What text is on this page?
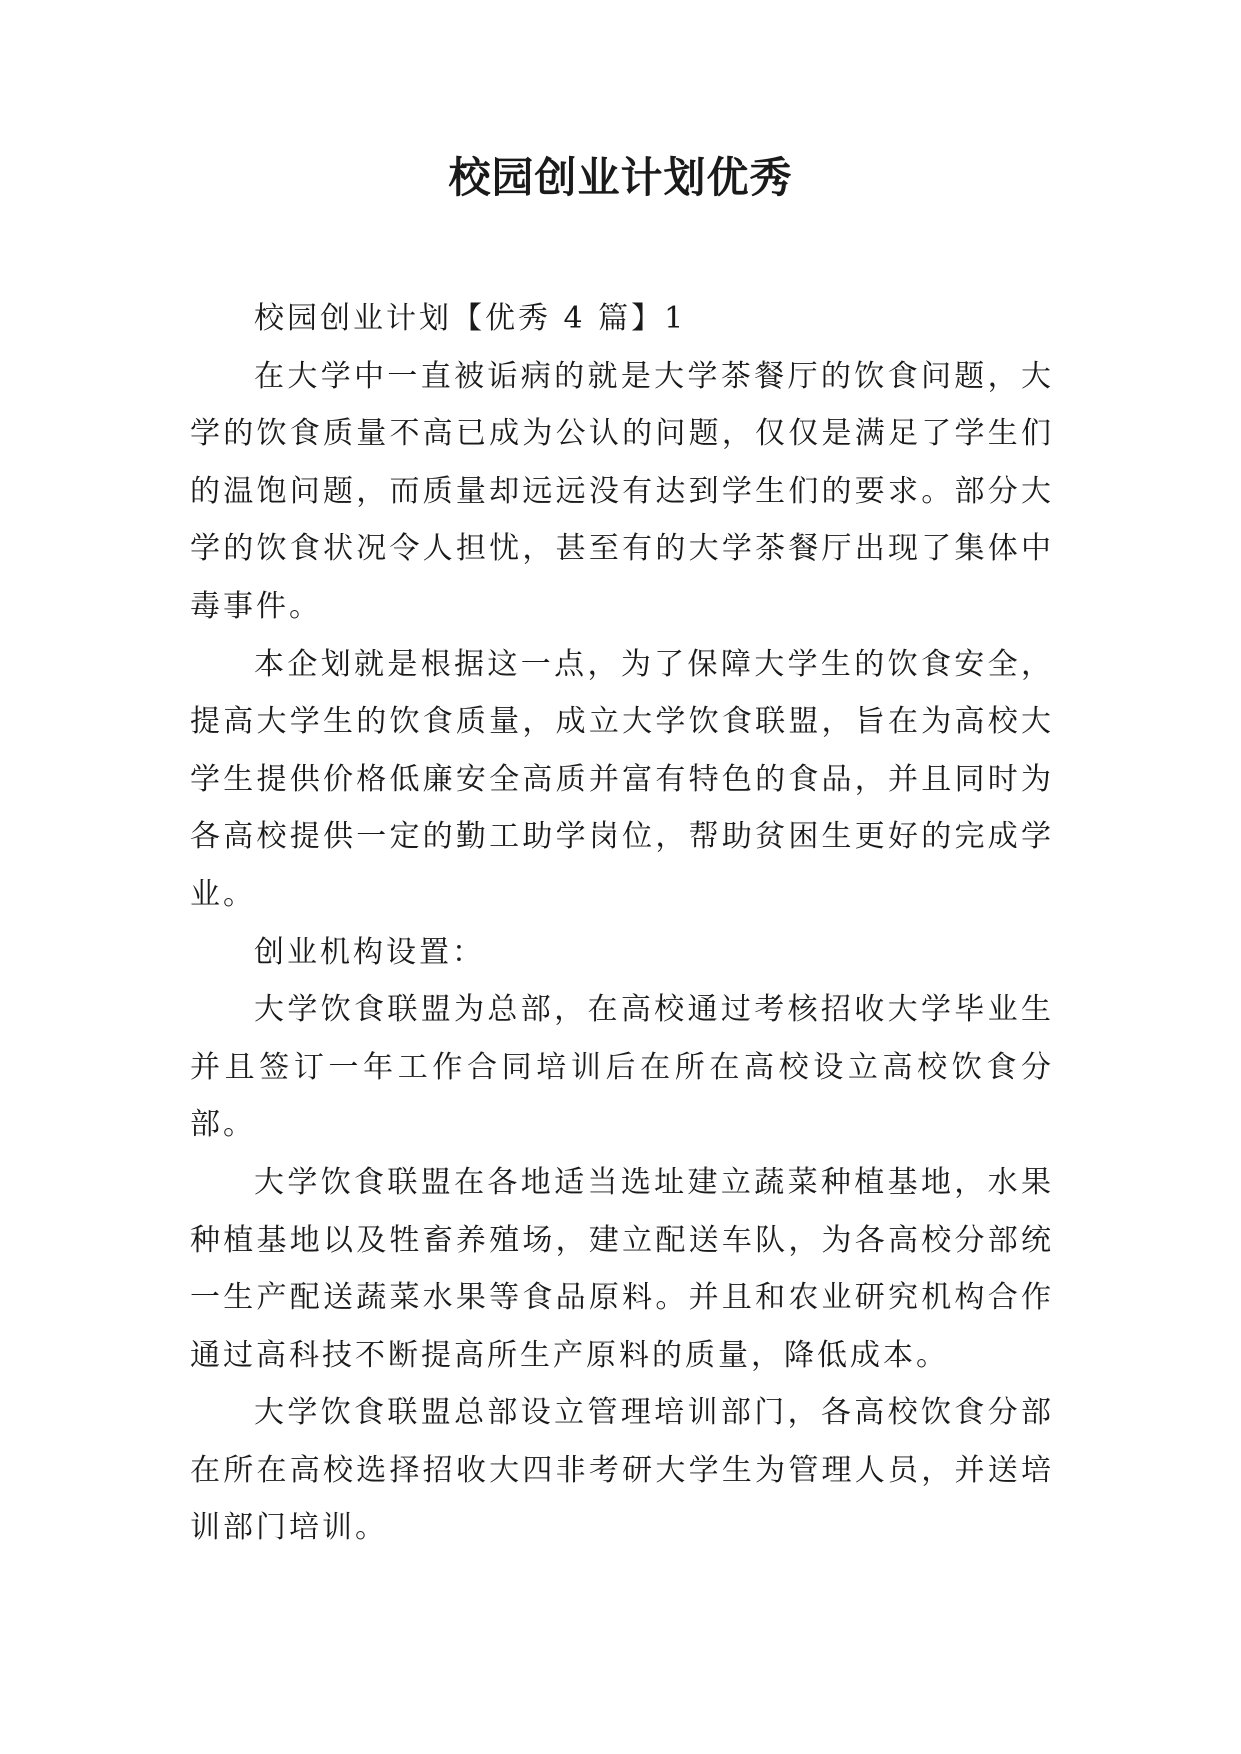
校园创业计划优秀

校园创业计划【优秀 4 篇】1

在大学中一直被诟病的就是大学茶餐厅的饮食问题，大学的饮食质量不高已成为公认的问题，仅仅是满足了学生们的温饱问题，而质量却远远没有达到学生们的要求。部分大学的饮食状况令人担忧，甚至有的大学茶餐厅出现了集体中毒事件。

本企划就是根据这一点，为了保障大学生的饮食安全，提高大学生的饮食质量，成立大学饮食联盟，旨在为高校大学生提供价格低廉安全高质并富有特色的食品，并且同时为各高校提供一定的勤工助学岗位，帮助贫困生更好的完成学业。

创业机构设置：

大学饮食联盟为总部，在高校通过考核招收大学毕业生并且签订一年工作合同培训后在所在高校设立高校饮食分部。

大学饮食联盟在各地适当选址建立蔬菜种植基地，水果种植基地以及牲畜养殖场，建立配送车队，为各高校分部统一生产配送蔬菜水果等食品原料。并且和农业研究机构合作通过高科技不断提高所生产原料的质量，降低成本。

大学饮食联盟总部设立管理培训部门，各高校饮食分部在所在高校选择招收大四非考研大学生为管理人员，并送培训部门培训。
